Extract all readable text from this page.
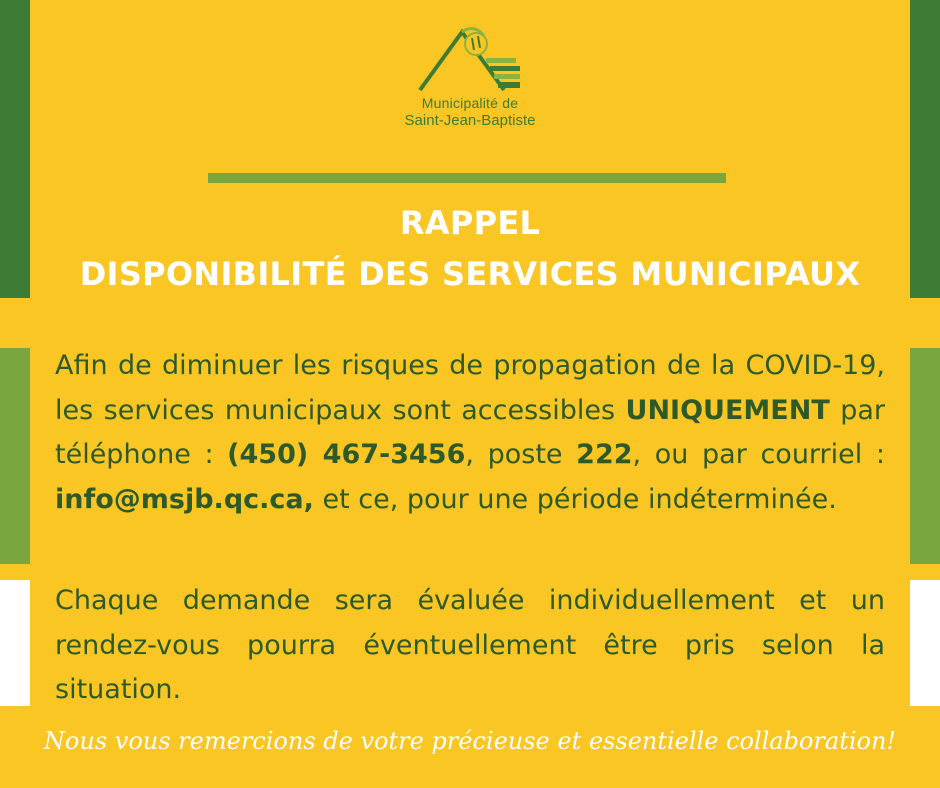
Municipalité de
Saint-Jean-Baptiste
RAPPEL
DISPONIBILITÉ DES SERVICES MUNICIPAUX
Afin de diminuer les risques de propagation de la COVID-19, les services municipaux sont accessibles UNIQUEMENT par téléphone : (450) 467-3456, poste 222, ou par courriel : info@msjb.qc.ca, et ce, pour une période indéterminée.
Chaque demande sera évaluée individuellement et un rendez-vous pourra éventuellement être pris selon la situation.
Nous vous remercions de votre précieuse et essentielle collaboration!
